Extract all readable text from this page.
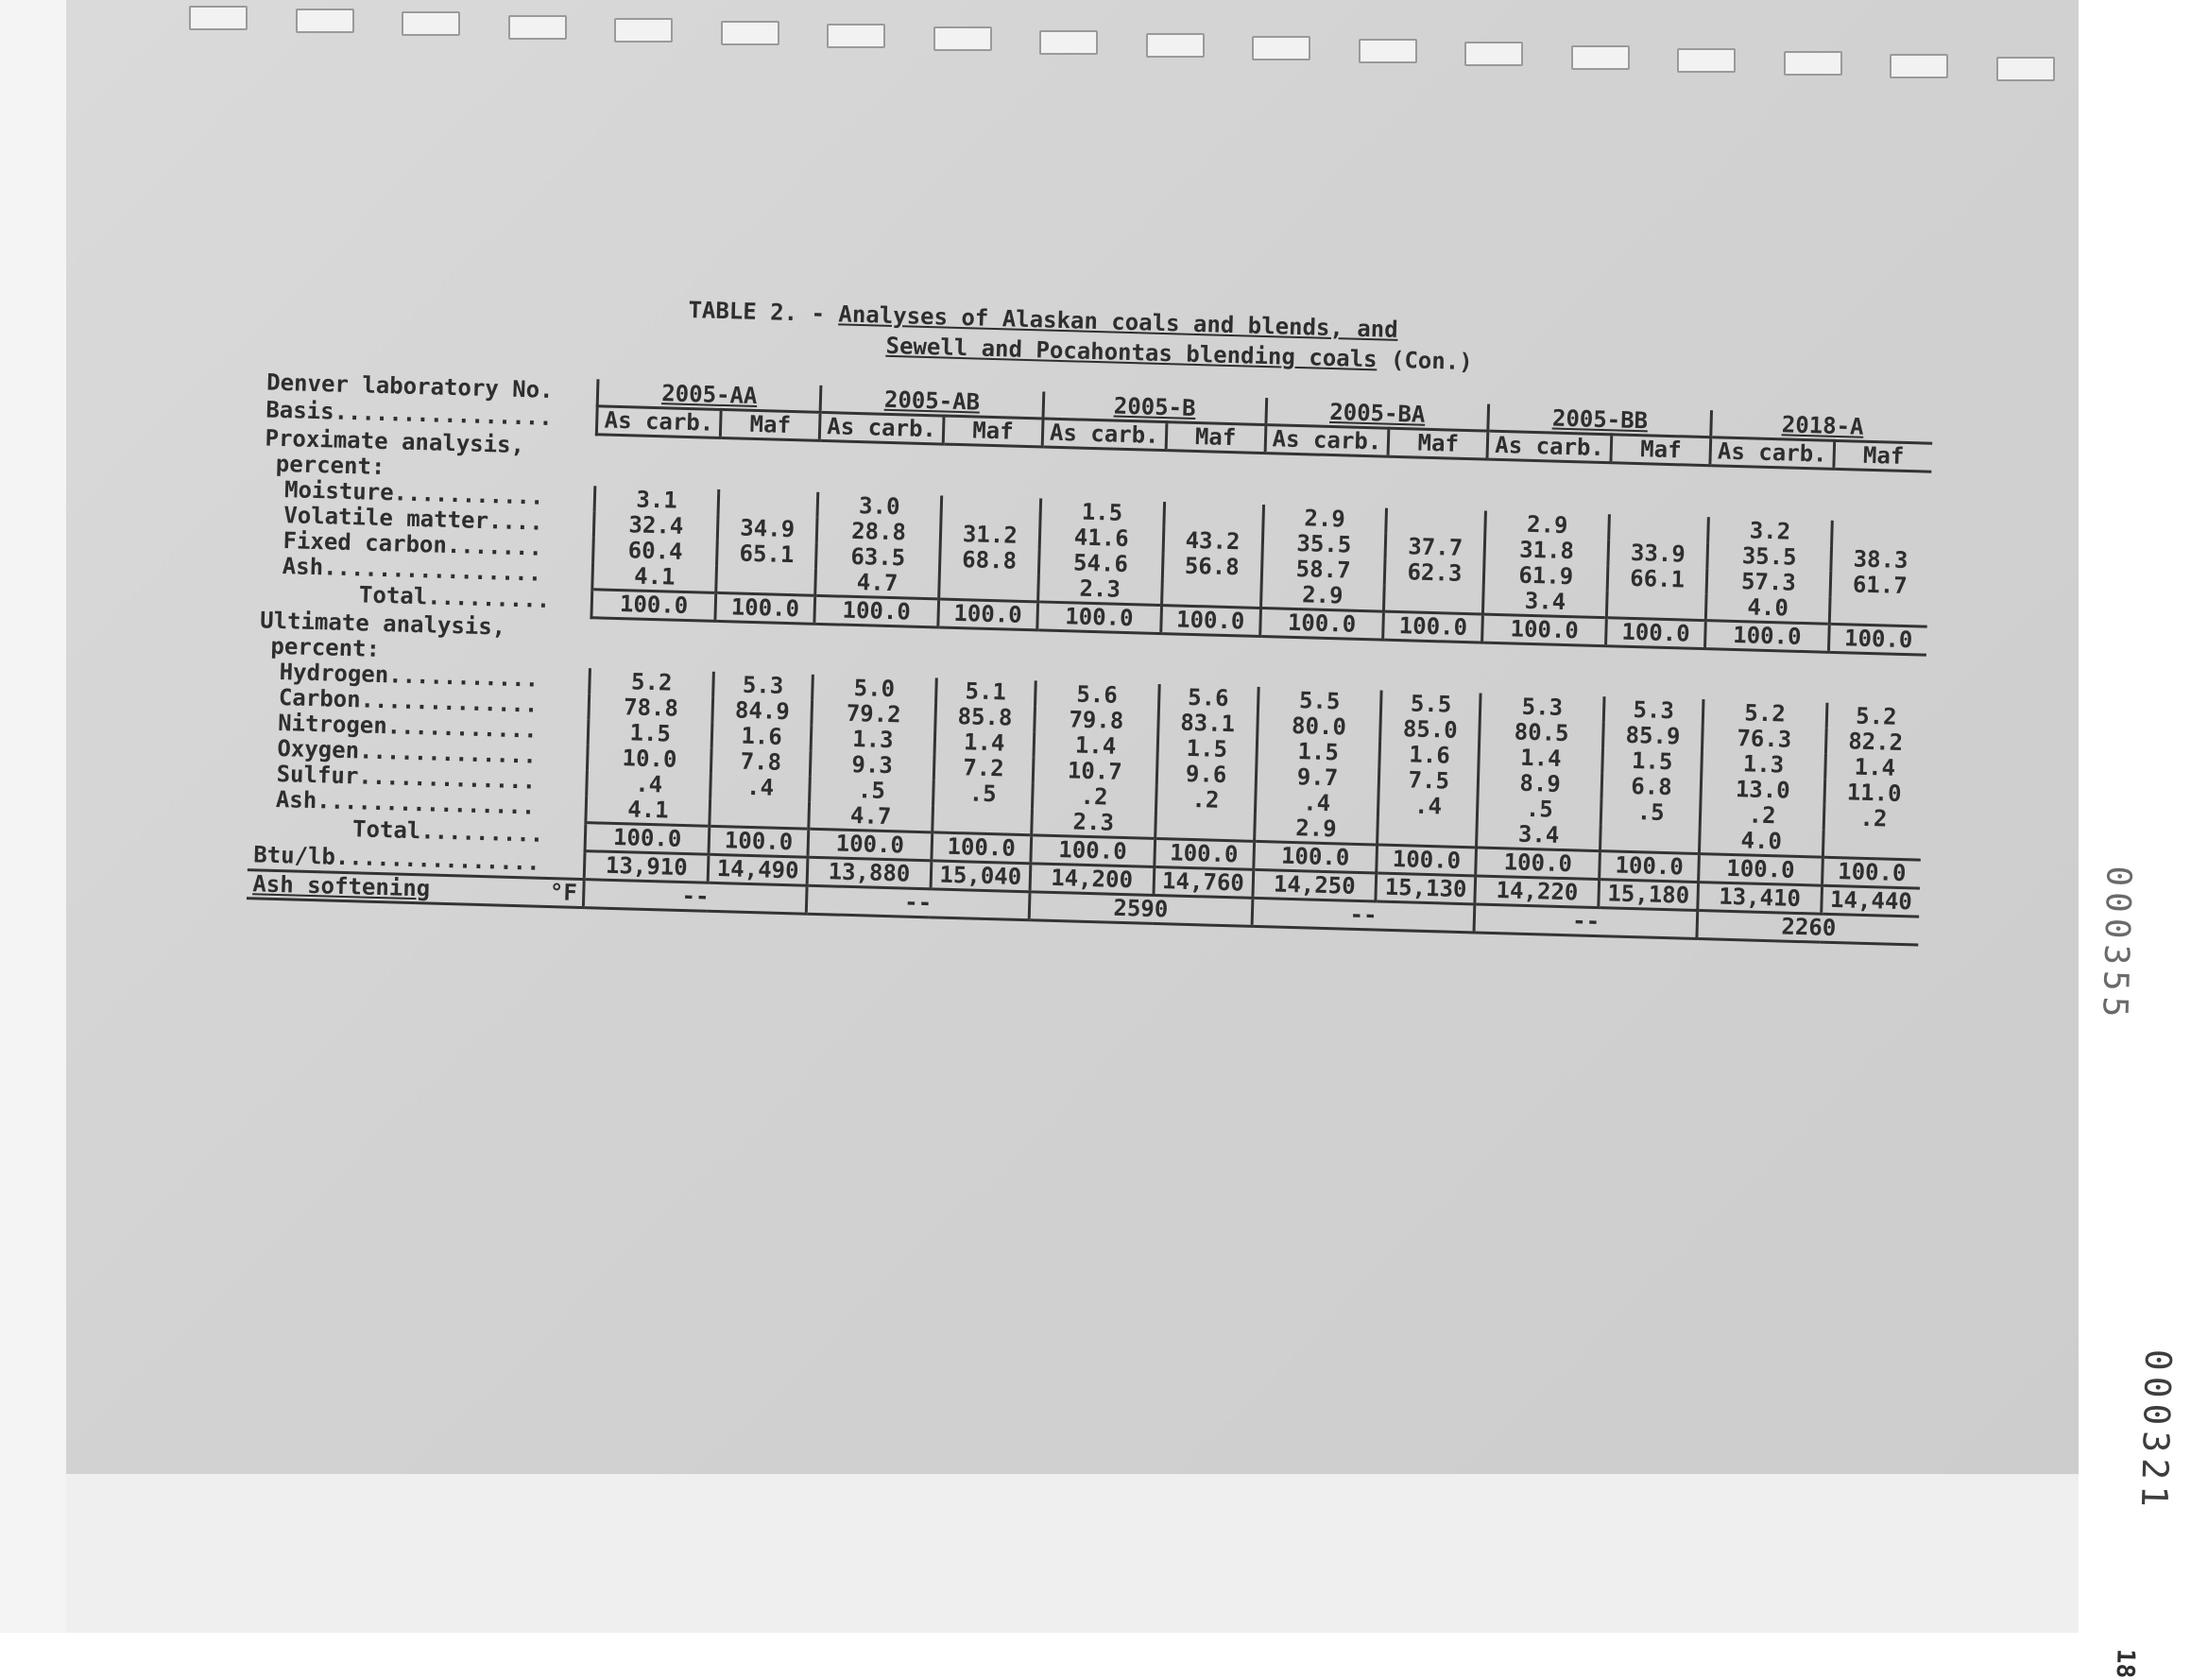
TABLE 2. - Analyses of Alaskan coals and blends, and
Sewell and Pocahontas blending coals (Con.)
Denver laboratory No.	2005-AA		2005-AB		2005-B		2005-BA		2005-BB		2018-A	
Basis................	As carb.	Maf	As carb.	Maf	As carb.	Maf	As carb.	Maf	As carb.	Maf	As carb.	Maf
Proximate analysis,												
percent:												
Moisture...........	3.1		3.0		1.5		2.9		2.9		3.2	
Volatile matter....	32.4	34.9	28.8	31.2	41.6	43.2	35.5	37.7	31.8	33.9	35.5	38.3
Fixed carbon.......	60.4	65.1	63.5	68.8	54.6	56.8	58.7	62.3	61.9	66.1	57.3	61.7
Ash................	4.1		4.7		2.3		2.9		3.4		4.0	
Total.........	100.0	100.0	100.0	100.0	100.0	100.0	100.0	100.0	100.0	100.0	100.0	100.0
Ultimate analysis,												
percent:												
Hydrogen...........	5.2	5.3	5.0	5.1	5.6	5.6	5.5	5.5	5.3	5.3	5.2	5.2
Carbon.............	78.8	84.9	79.2	85.8	79.8	83.1	80.0	85.0	80.5	85.9	76.3	82.2
Nitrogen...........	1.5	1.6	1.3	1.4	1.4	1.5	1.5	1.6	1.4	1.5	1.3	1.4
Oxygen.............	10.0	7.8	9.3	7.2	10.7	9.6	9.7	7.5	8.9	6.8	13.0	11.0
Sulfur.............	.4	.4	.5	.5	.2	.2	.4	.4	.5	.5	.2	.2
Ash................	4.1		4.7		2.3		2.9		3.4		4.0	
Total.........	100.0	100.0	100.0	100.0	100.0	100.0	100.0	100.0	100.0	100.0	100.0	100.0
Btu/lb...............	13,910	14,490	13,880	15,040	14,200	14,760	14,250	15,130	14,220	15,180	13,410	14,440
Ash softening °F	--		--		2590		--		--		2260		000355
000321
18
